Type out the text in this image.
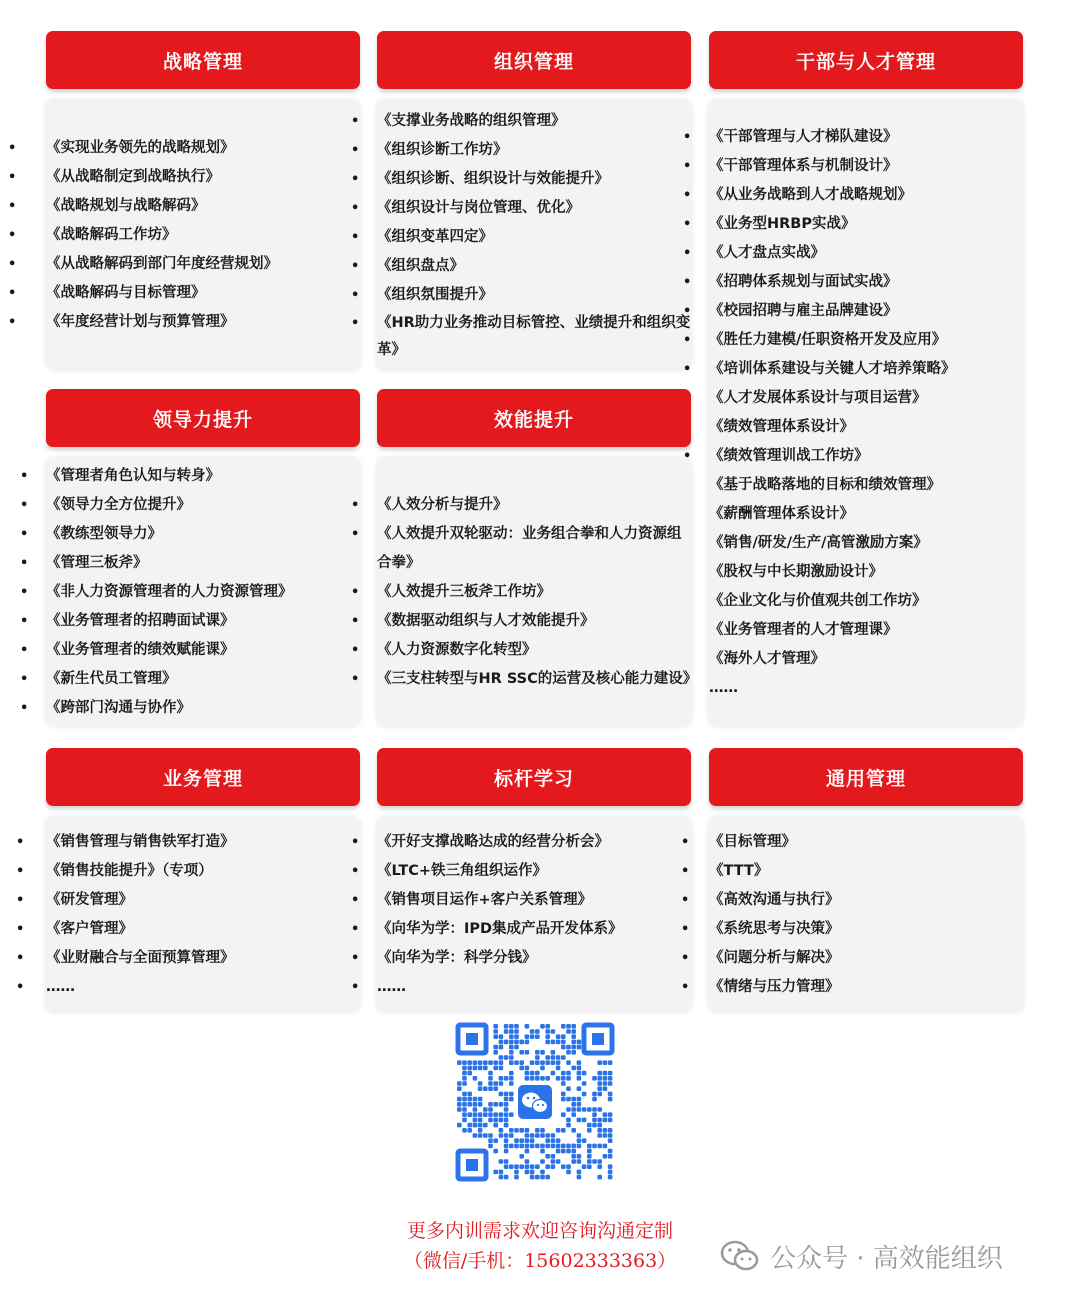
战略管理
• 《实现业务领先的战略规划》
• 《从战略制定到战略执行》
• 《战略规划与战略解码》
• 《战略解码工作坊》
• 《从战略解码到部门年度经营规划》
• 《战略解码与目标管理》
• 《年度经营计划与预算管理》
组织管理
• 《支撑业务战略的组织管理》
• 《组织诊断工作坊》
• 《组织诊断、组织设计与效能提升》
• 《组织设计与岗位管理、优化》
• 《组织变革四定》
• 《组织盘点》
• 《组织氛围提升》
• 《HR助力业务推动目标管控、业绩提升和组织变革》
干部与人才管理
• 《干部管理与人才梯队建设》
• 《干部管理体系与机制设计》
• 《从业务战略到人才战略规划》
• 《业务型HRBP实战》
• 《人才盘点实战》
• 《招聘体系规划与面试实战》
• 《校园招聘与雇主品牌建设》
• 《胜任力建模/任职资格开发及应用》
• 《培训体系建设与关键人才培养策略》
• 《人才发展体系设计与项目运营》
• 《绩效管理体系设计》
• 《绩效管理训战工作坊》
• 《基于战略落地的目标和绩效管理》
• 《薪酬管理体系设计》
• 《销售/研发/生产/高管激励方案》
• 《股权与中长期激励设计》
• 《企业文化与价值观共创工作坊》
• 《业务管理者的人才管理课》
• 《海外人才管理》
• ……
领导力提升
• 《管理者角色认知与转身》
• 《领导力全方位提升》
• 《教练型领导力》
• 《管理三板斧》
• 《非人力资源管理者的人力资源管理》
• 《业务管理者的招聘面试课》
• 《业务管理者的绩效赋能课》
• 《新生代员工管理》
• 《跨部门沟通与协作》
效能提升
• 《人效分析与提升》
• 《人效提升双轮驱动：业务组合拳和人力资源组合拳》
• 《人效提升三板斧工作坊》
• 《数据驱动组织与人才效能提升》
• 《人力资源数字化转型》
• 《三支柱转型与HR SSC的运营及核心能力建设》
业务管理
• 《销售管理与销售铁军打造》
• 《销售技能提升》（专项）
• 《研发管理》
• 《客户管理》
• 《业财融合与全面预算管理》
• ……
标杆学习
• 《开好支撑战略达成的经营分析会》
• 《LTC+铁三角组织运作》
• 《销售项目运作+客户关系管理》
• 《向华为学：IPD集成产品开发体系》
• 《向华为学：科学分钱》
• ……
通用管理
• 《目标管理》
• 《TTT》
• 《高效沟通与执行》
• 《系统思考与决策》
• 《问题分析与解决》
• 《情绪与压力管理》
更多内训需求欢迎咨询沟通定制
（微信/手机：15602333363）	公众号 · 高效能组织
